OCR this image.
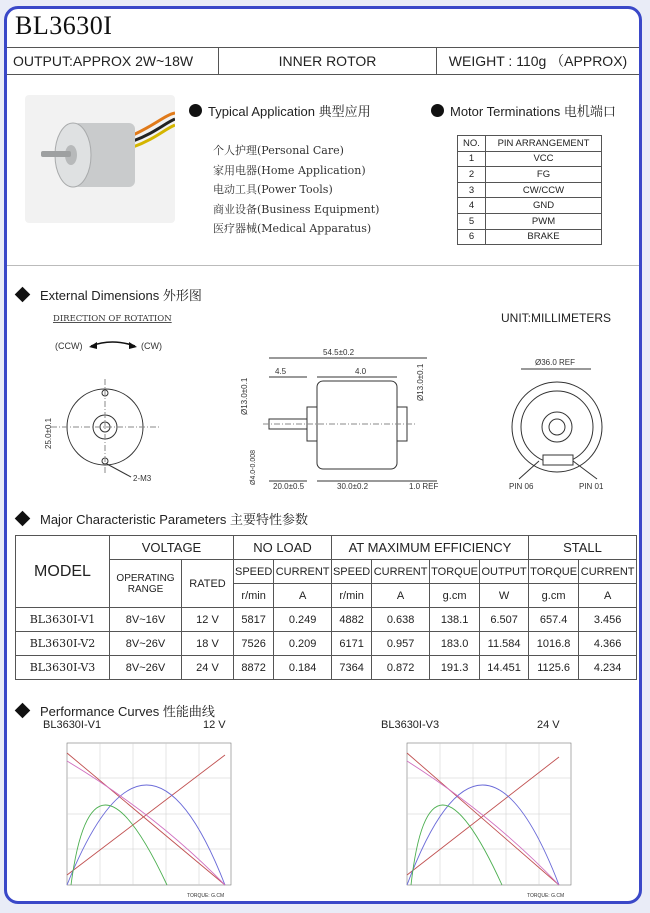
BL3630I
OUTPUT:APPROX 2W~18W	INNER ROTOR	WEIGHT : 110g （APPROX)
Typical Application 典型应用
个人护理(Personal Care)
家用电器(Home Application)
电动工具(Power Tools)
商业设备(Business Equipment)
医疗器械(Medical Apparatus)
Motor Terminations 电机端口
NO.	PIN ARRANGEMENT
1	VCC
2	FG
3	CW/CCW
4	GND
5	PWM
6	BRAKE
External Dimensions 外形图
UNIT:MILLIMETERS
DIRECTION OF ROTATION
(CCW)	(CW)
25.0±0.1
2-M3
54.5±0.2
4.5	4.0
Ø13.0±0.1	Ø13.0±0.1
Ø4.0-0.008
20.0±0.5	30.0±0.2	1.0 REF
Ø36.0 REF
PIN 06	PIN 01
Major Characteristic Parameters 主要特性参数
MODEL	VOLTAGE		NO LOAD		AT MAXIMUM EFFICIENCY				STALL	
	OPERATING RANGE	RATED	SPEED	CURRENT	SPEED	CURRENT	TORQUE	OUTPUT	TORQUE	CURRENT
			r/min	A	r/min	A	g.cm	W	g.cm	A
BL3630I-V1	8V~16V	12 V	5817	0.249	4882	0.638	138.1	6.507	657.4	3.456
BL3630I-V2	8V~26V	18 V	7526	0.209	6171	0.957	183.0	11.584	1016.8	4.366
BL3630I-V3	8V~26V	24 V	8872	0.184	7364	0.872	191.3	14.451	1125.6	4.234
Performance Curves 性能曲线
BL3630I-V1	12 V	BL3630I-V3	24 V
TORQUE: G.CM	TORQUE: G.CM
